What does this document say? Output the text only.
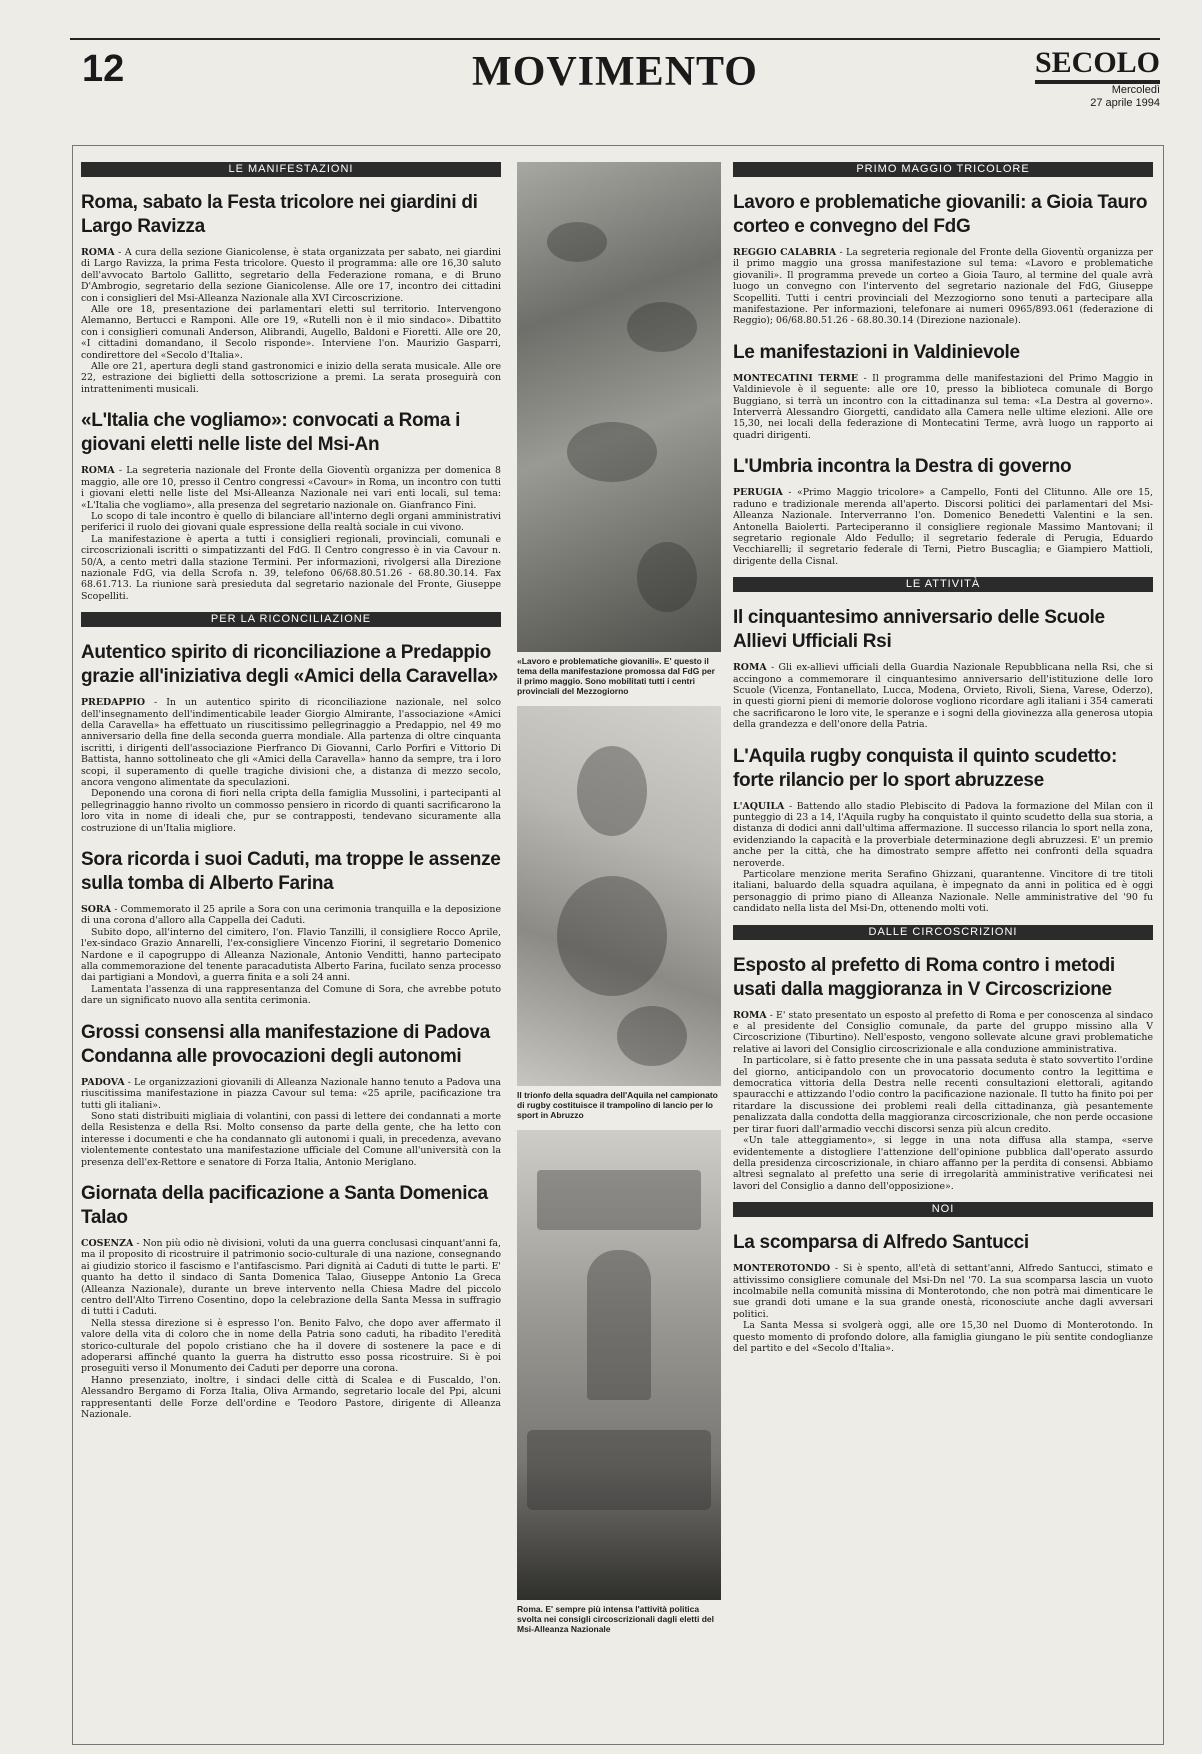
12	MOVIMENTO	SECOLO
Mercoledì
27 aprile 1994
LE MANIFESTAZIONI
Roma, sabato la Festa tricolore nei giardini di Largo Ravizza

ROMA - A cura della sezione Gianicolense, è stata organizzata per sabato, nei giardini di Largo Ravizza, la prima Festa tricolore. Questo il programma: alle ore 16,30 saluto dell'avvocato Bartolo Gallitto, segretario della Federazione romana, e di Bruno D'Ambrogio, segretario della sezione Gianicolense. Alle ore 17, incontro dei cittadini con i consiglieri del Msi-Alleanza Nazionale alla XVI Circoscrizione.

Alle ore 18, presentazione dei parlamentari eletti sul territorio. Intervengono Alemanno, Bertucci e Ramponi. Alle ore 19, «Rutelli non è il mio sindaco». Dibattito con i consiglieri comunali Anderson, Alibrandi, Augello, Baldoni e Fioretti. Alle ore 20, «I cittadini domandano, il Secolo risponde». Interviene l'on. Maurizio Gasparri, condirettore del «Secolo d'Italia».

Alle ore 21, apertura degli stand gastronomici e inizio della serata musicale. Alle ore 22, estrazione dei biglietti della sottoscrizione a premi. La serata proseguirà con intrattenimenti musicali.

«L'Italia che vogliamo»: convocati a Roma i giovani eletti nelle liste del Msi-An

ROMA - La segreteria nazionale del Fronte della Gioventù organizza per domenica 8 maggio, alle ore 10, presso il Centro congressi «Cavour» in Roma, un incontro con tutti i giovani eletti nelle liste del Msi-Alleanza Nazionale nei vari enti locali, sul tema: «L'Italia che vogliamo», alla presenza del segretario nazionale on. Gianfranco Fini.

Lo scopo di tale incontro è quello di bilanciare all'interno degli organi amministrativi periferici il ruolo dei giovani quale espressione della realtà sociale in cui vivono.

La manifestazione è aperta a tutti i consiglieri regionali, provinciali, comunali e circoscrizionali iscritti o simpatizzanti del FdG. Il Centro congresso è in via Cavour n. 50/A, a cento metri dalla stazione Termini. Per informazioni, rivolgersi alla Direzione nazionale FdG, via della Scrofa n. 39, telefono 06/68.80.51.26 - 68.80.30.14. Fax 68.61.713. La riunione sarà presieduta dal segretario nazionale del Fronte, Giuseppe Scopelliti.

PER LA RICONCILIAZIONE
Autentico spirito di riconciliazione a Predappio grazie all'iniziativa degli «Amici della Caravella»

PREDAPPIO - In un autentico spirito di riconciliazione nazionale, nel solco dell'insegnamento dell'indimenticabile leader Giorgio Almirante, l'associazione «Amici della Caravella» ha effettuato un riuscitissimo pellegrinaggio a Predappio, nel 49 mo anniversario della fine della seconda guerra mondiale. Alla partenza di oltre cinquanta iscritti, i dirigenti dell'associazione Pierfranco Di Giovanni, Carlo Porfiri e Vittorio Di Battista, hanno sottolineato che gli «Amici della Caravella» hanno da sempre, tra i loro scopi, il superamento di quelle tragiche divisioni che, a distanza di mezzo secolo, ancora vengono alimentate da speculazioni.

Deponendo una corona di fiori nella cripta della famiglia Mussolini, i partecipanti al pellegrinaggio hanno rivolto un commosso pensiero in ricordo di quanti sacrificarono la loro vita in nome di ideali che, pur se contrapposti, tendevano sicuramente alla costruzione di un'Italia migliore.

Sora ricorda i suoi Caduti, ma troppe le assenze sulla tomba di Alberto Farina

SORA - Commemorato il 25 aprile a Sora con una cerimonia tranquilla e la deposizione di una corona d'alloro alla Cappella dei Caduti.

Subito dopo, all'interno del cimitero, l'on. Flavio Tanzilli, il consigliere Rocco Aprile, l'ex-sindaco Grazio Annarelli, l'ex-consigliere Vincenzo Fiorini, il segretario Domenico Nardone e il capogruppo di Alleanza Nazionale, Antonio Venditti, hanno partecipato alla commemorazione del tenente paracadutista Alberto Farina, fucilato senza processo dai partigiani a Mondovì, a guerra finita e a soli 24 anni.

Lamentata l'assenza di una rappresentanza del Comune di Sora, che avrebbe potuto dare un significato nuovo alla sentita cerimonia.

Grossi consensi alla manifestazione di Padova Condanna alle provocazioni degli autonomi

PADOVA - Le organizzazioni giovanili di Alleanza Nazionale hanno tenuto a Padova una riuscitissima manifestazione in piazza Cavour sul tema: «25 aprile, pacificazione tra tutti gli italiani».

Sono stati distribuiti migliaia di volantini, con passi di lettere dei condannati a morte della Resistenza e della Rsi. Molto consenso da parte della gente, che ha letto con interesse i documenti e che ha condannato gli autonomi i quali, in precedenza, avevano violentemente contestato una manifestazione ufficiale del Comune all'università con la presenza dell'ex-Rettore e senatore di Forza Italia, Antonio Meriglano.

Giornata della pacificazione a Santa Domenica Talao

COSENZA - Non più odio nè divisioni, voluti da una guerra conclusasi cinquant'anni fa, ma il proposito di ricostruire il patrimonio socio-culturale di una nazione, consegnando ai giudizio storico il fascismo e l'antifascismo. Pari dignità ai Caduti di tutte le parti. E' quanto ha detto il sindaco di Santa Domenica Talao, Giuseppe Antonio La Greca (Alleanza Nazionale), durante un breve intervento nella Chiesa Madre del piccolo centro dell'Alto Tirreno Cosentino, dopo la celebrazione della Santa Messa in suffragio di tutti i Caduti.

Nella stessa direzione si è espresso l'on. Benito Falvo, che dopo aver affermato il valore della vita di coloro che in nome della Patria sono caduti, ha ribadito l'eredità storico-culturale del popolo cristiano che ha il dovere di sostenere la pace e di adoperarsi affinché quanto la guerra ha distrutto esso possa ricostruire. Si è poi proseguiti verso il Monumento dei Caduti per deporre una corona.

Hanno presenziato, inoltre, i sindaci delle città di Scalea e di Fuscaldo, l'on. Alessandro Bergamo di Forza Italia, Oliva Armando, segretario locale del Ppi, alcuni rappresentanti delle Forze dell'ordine e Teodoro Pastore, dirigente di Alleanza Nazionale.

«Lavoro e problematiche giovanili». E' questo il tema della manifestazione promossa dal FdG per il primo maggio. Sono mobilitati tutti i centri provinciali del Mezzogiorno
Il trionfo della squadra dell'Aquila nel campionato di rugby costituisce il trampolino di lancio per lo sport in Abruzzo
Roma. E' sempre più intensa l'attività politica svolta nei consigli circoscrizionali dagli eletti del Msi-Alleanza Nazionale
PRIMO MAGGIO TRICOLORE
Lavoro e problematiche giovanili: a Gioia Tauro corteo e convegno del FdG

REGGIO CALABRIA - La segreteria regionale del Fronte della Gioventù organizza per il primo maggio una grossa manifestazione sul tema: «Lavoro e problematiche giovanili». Il programma prevede un corteo a Gioia Tauro, al termine del quale avrà luogo un convegno con l'intervento del segretario nazionale del FdG, Giuseppe Scopelliti. Tutti i centri provinciali del Mezzogiorno sono tenuti a partecipare alla manifestazione. Per informazioni, telefonare ai numeri 0965/893.061 (federazione di Reggio); 06/68.80.51.26 - 68.80.30.14 (Direzione nazionale).

Le manifestazioni in Valdinievole

MONTECATINI TERME - Il programma delle manifestazioni del Primo Maggio in Valdinievole è il seguente: alle ore 10, presso la biblioteca comunale di Borgo Buggiano, si terrà un incontro con la cittadinanza sul tema: «La Destra al governo». Interverrà Alessandro Giorgetti, candidato alla Camera nelle ultime elezioni. Alle ore 15,30, nei locali della federazione di Montecatini Terme, avrà luogo un rapporto ai quadri dirigenti.

L'Umbria incontra la Destra di governo

PERUGIA - «Primo Maggio tricolore» a Campello, Fonti del Clitunno. Alle ore 15, raduno e tradizionale merenda all'aperto. Discorsi politici dei parlamentari del Msi-Alleanza Nazionale. Interverranno l'on. Domenico Benedetti Valentini e la sen. Antonella Baiolетti. Parteciperanno il consigliere regionale Massimo Mantovani; il segretario regionale Aldo Fedullo; il segretario federale di Perugia, Eduardo Vecchiarelli; il segretario federale di Terni, Pietro Buscaglia; e Giampiero Mattioli, dirigente della Cisnal.

LE ATTIVITÀ
Il cinquantesimo anniversario delle Scuole Allievi Ufficiali Rsi

ROMA - Gli ex-allievi ufficiali della Guardia Nazionale Repubblicana nella Rsi, che si accingono a commemorare il cinquantesimo anniversario dell'istituzione delle loro Scuole (Vicenza, Fontanellato, Lucca, Modena, Orvieto, Rivoli, Siena, Varese, Oderzo), in questi giorni pieni di memorie dolorose vogliono ricordare agli italiani i 354 camerati che sacrificarono le loro vite, le speranze e i sogni della giovinezza alla generosa utopia della grandezza e dell'onore della Patria.

L'Aquila rugby conquista il quinto scudetto: forte rilancio per lo sport abruzzese

L'AQUILA - Battendo allo stadio Plebiscito di Padova la formazione del Milan con il punteggio di 23 a 14, l'Aquila rugby ha conquistato il quinto scudetto della sua storia, a distanza di dodici anni dall'ultima affermazione. Il successo rilancia lo sport nella zona, evidenziando la capacità e la proverbiale determinazione degli abruzzesi. E' un premio anche per la città, che ha dimostrato sempre affetto nei confronti della squadra neroverde.

Particolare menzione merita Serafino Ghizzani, quarantenne. Vincitore di tre titoli italiani, baluardo della squadra aquilana, è impegnato da anni in politica ed è oggi personaggio di primo piano di Alleanza Nazionale. Nelle amministrative del '90 fu candidato nella lista del Msi-Dn, ottenendo molti voti.

DALLE CIRCOSCRIZIONI
Esposto al prefetto di Roma contro i metodi usati dalla maggioranza in V Circoscrizione

ROMA - E' stato presentato un esposto al prefetto di Roma e per conoscenza al sindaco e al presidente del Consiglio comunale, da parte del gruppo missino alla V Circoscrizione (Tiburtino). Nell'esposto, vengono sollevate alcune gravi problematiche relative ai lavori del Consiglio circoscrizionale e alla conduzione amministrativa.

In particolare, si è fatto presente che in una passata seduta è stato sovvertito l'ordine del giorno, anticipandolo con un provocatorio documento contro la legittima e democratica vittoria della Destra nelle recenti consultazioni elettorali, agitando spauracchi e attizzando l'odio contro la pacificazione nazionale. Il tutto ha finito poi per ritardare la discussione dei problemi reali della cittadinanza, già pesantemente penalizzata dalla condotta della maggioranza circoscrizionale, che non perde occasione per tirar fuori dall'armadio vecchi discorsi senza più alcun credito.

«Un tale atteggiamento», si legge in una nota diffusa alla stampa, «serve evidentemente a distogliere l'attenzione dell'opinione pubblica dall'operato assurdo della presidenza circoscrizionale, in chiaro affanno per la perdita di consensi. Abbiamo altresì segnalato al prefetto una serie di irregolarità amministrative verificatesi nei lavori del Consiglio a danno dell'opposizione».

NOI
La scomparsa di Alfredo Santucci

MONTEROTONDO - Si è spento, all'età di settant'anni, Alfredo Santucci, stimato e attivissimo consigliere comunale del Msi-Dn nel '70. La sua scomparsa lascia un vuoto incolmabile nella comunità missina di Monterotondo, che non potrà mai dimenticare le sue grandi doti umane e la sua grande onestà, riconosciute anche dagli avversari politici.

La Santa Messa si svolgerà oggi, alle ore 15,30 nel Duomo di Monterotondo. In questo momento di profondo dolore, alla famiglia giungano le più sentite condoglianze del partito e del «Secolo d'Italia».
